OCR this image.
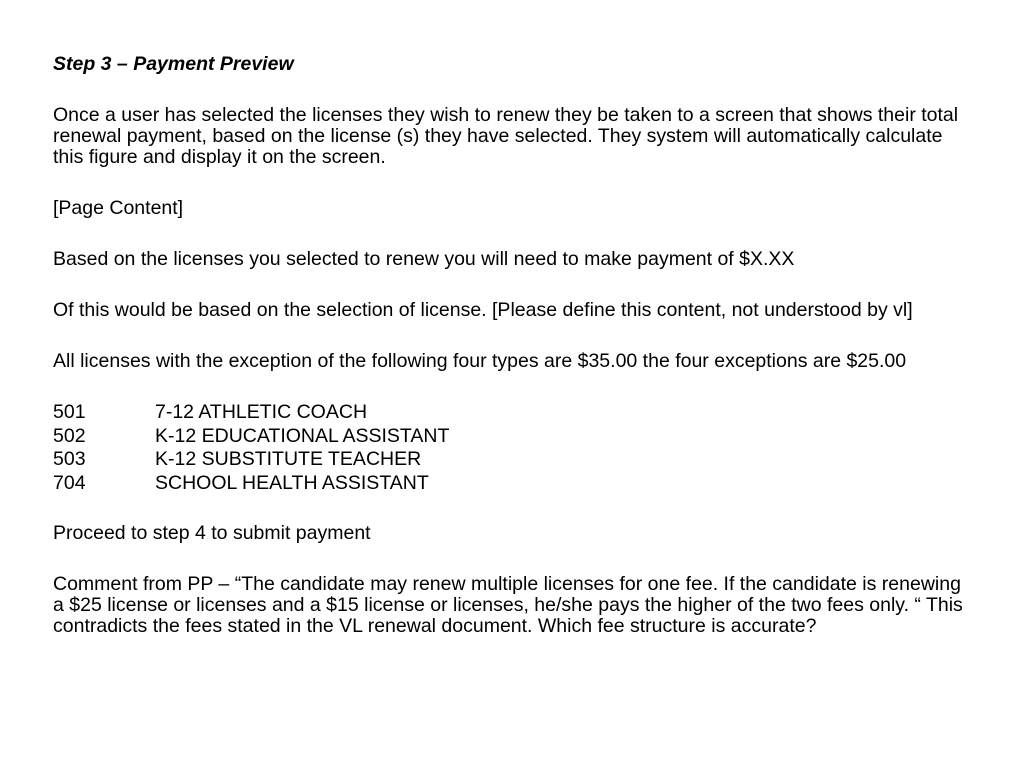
Step 3 – Payment Preview

Once a user has selected the licenses they wish to renew they be taken to a screen that shows their total renewal payment, based on the license (s) they have selected. They system will automatically calculate this figure and display it on the screen.

[Page Content]

Based on the licenses you selected to renew you will need to make payment of $X.XX

Of this would be based on the selection of license. [Please define this content, not understood by vl]

All licenses with the exception of the following four types are $35.00 the four exceptions are $25.00

501	7-12 ATHLETIC COACH
502	K-12 EDUCATIONAL ASSISTANT
503	K-12 SUBSTITUTE TEACHER
704	SCHOOL HEALTH ASSISTANT

Proceed to step 4 to submit payment

Comment from PP – “The candidate may renew multiple licenses for one fee. If the candidate is renewing a $25 license or licenses and a $15 license or licenses, he/she pays the higher of the two fees only. “ This contradicts the fees stated in the VL renewal document. Which fee structure is accurate?
